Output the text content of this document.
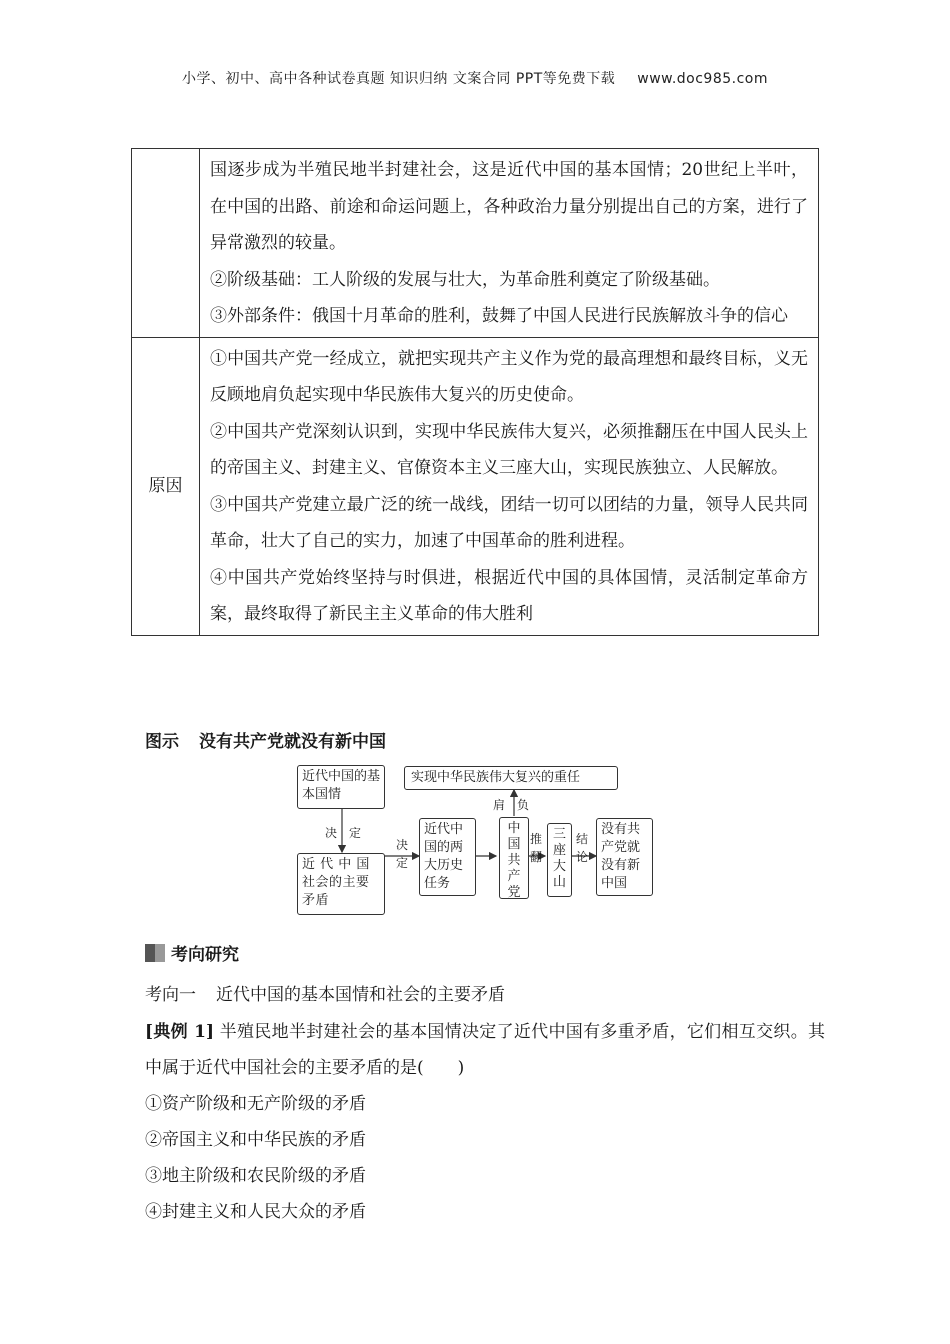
小学、初中、高中各种试卷真题 知识归纳 文案合同 PPT等免费下载 www.doc985.com

	国逐步成为半殖民地半封建社会，这是近代中国的基本国情；20世纪上半叶，在中国的出路、前途和命运问题上，各种政治力量分别提出自己的方案，进行了异常激烈的较量。

②阶级基础：工人阶级的发展与壮大，为革命胜利奠定了阶级基础。

③外部条件：俄国十月革命的胜利，鼓舞了中国人民进行民族解放斗争的信心

原因	①中国共产党一经成立，就把实现共产主义作为党的最高理想和最终目标，义无反顾地肩负起实现中华民族伟大复兴的历史使命。

②中国共产党深刻认识到，实现中华民族伟大复兴，必须推翻压在中国人民头上的帝国主义、封建主义、官僚资本主义三座大山，实现民族独立、人民解放。

③中国共产党建立最广泛的统一战线，团结一切可以团结的力量，领导人民共同革命，壮大了自己的实力，加速了中国革命的胜利进程。

④中国共产党始终坚持与时俱进，根据近代中国的具体国情，灵活制定革命方案，最终取得了新民主主义革命的伟大胜利

图示 没有共产党就没有新中国
近代中国的基本国情
近 代 中 国社会的主要矛盾
近代中国的两大历史任务
中国共产党
三座大山
没有共产党就没有新中国
实现中华民族伟大复兴的重任
决　定
决定
肩　负
推翻
结论
考向研究
考向一 近代中国的基本国情和社会的主要矛盾
[典例 1] 半殖民地半封建社会的基本国情决定了近代中国有多重矛盾，它们相互交织。其中属于近代中国社会的主要矛盾的是(　　)
①资产阶级和无产阶级的矛盾
②帝国主义和中华民族的矛盾
③地主阶级和农民阶级的矛盾
④封建主义和人民大众的矛盾
